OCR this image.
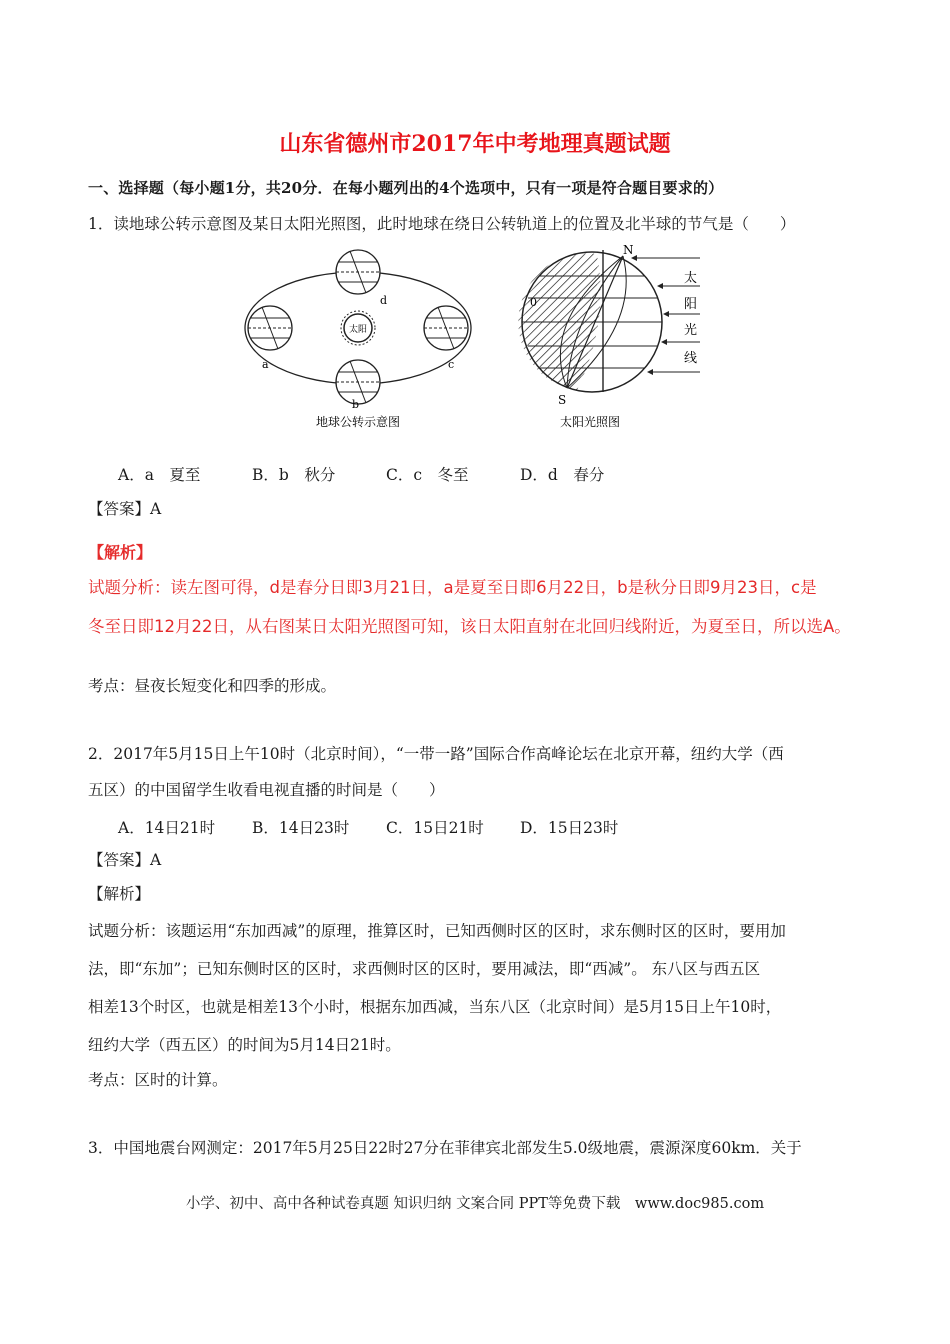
山东省德州市2017年中考地理真题试题
一、选择题（每小题1分，共20分．在每小题列出的4个选项中，只有一项是符合题目要求的）
1．读地球公转示意图及某日太阳光照图，此时地球在绕日公转轨道上的位置及北半球的节气是（　　）
太阳
a
b
c
d
地球公转示意图
N
S
0
太
阳
光
线
太阳光照图
A．a　夏至	B．b　秋分	C．c　冬至	D．d　春分
【答案】A
【解析】
试题分析：读左图可得，d是春分日即3月21日，a是夏至日即6月22日，b是秋分日即9月23日，c是
冬至日即12月22日，从右图某日太阳光照图可知，该日太阳直射在北回归线附近，为夏至日，所以选A。
考点：昼夜长短变化和四季的形成。
2．2017年5月15日上午10时（北京时间），“一带一路”国际合作高峰论坛在北京开幕，纽约大学（西
五区）的中国留学生收看电视直播的时间是（　　）
A．14日21时 B．14日23时 C．15日21时 D．15日23时
【答案】A
【解析】
试题分析：该题运用“东加西减”的原理，推算区时，已知西侧时区的区时，求东侧时区的区时，要用加
法，即“东加”；已知东侧时区的区时，求西侧时区的区时，要用减法，即“西减”。 东八区与西五区
相差13个时区，也就是相差13个小时，根据东加西减，当东八区（北京时间）是5月15日上午10时，
纽约大学（西五区）的时间为5月14日21时。
考点：区时的计算。
3．中国地震台网测定：2017年5月25日22时27分在菲律宾北部发生5.0级地震，震源深度60km．关于
小学、初中、高中各种试卷真题 知识归纳 文案合同 PPT等免费下载　www.doc985.com
